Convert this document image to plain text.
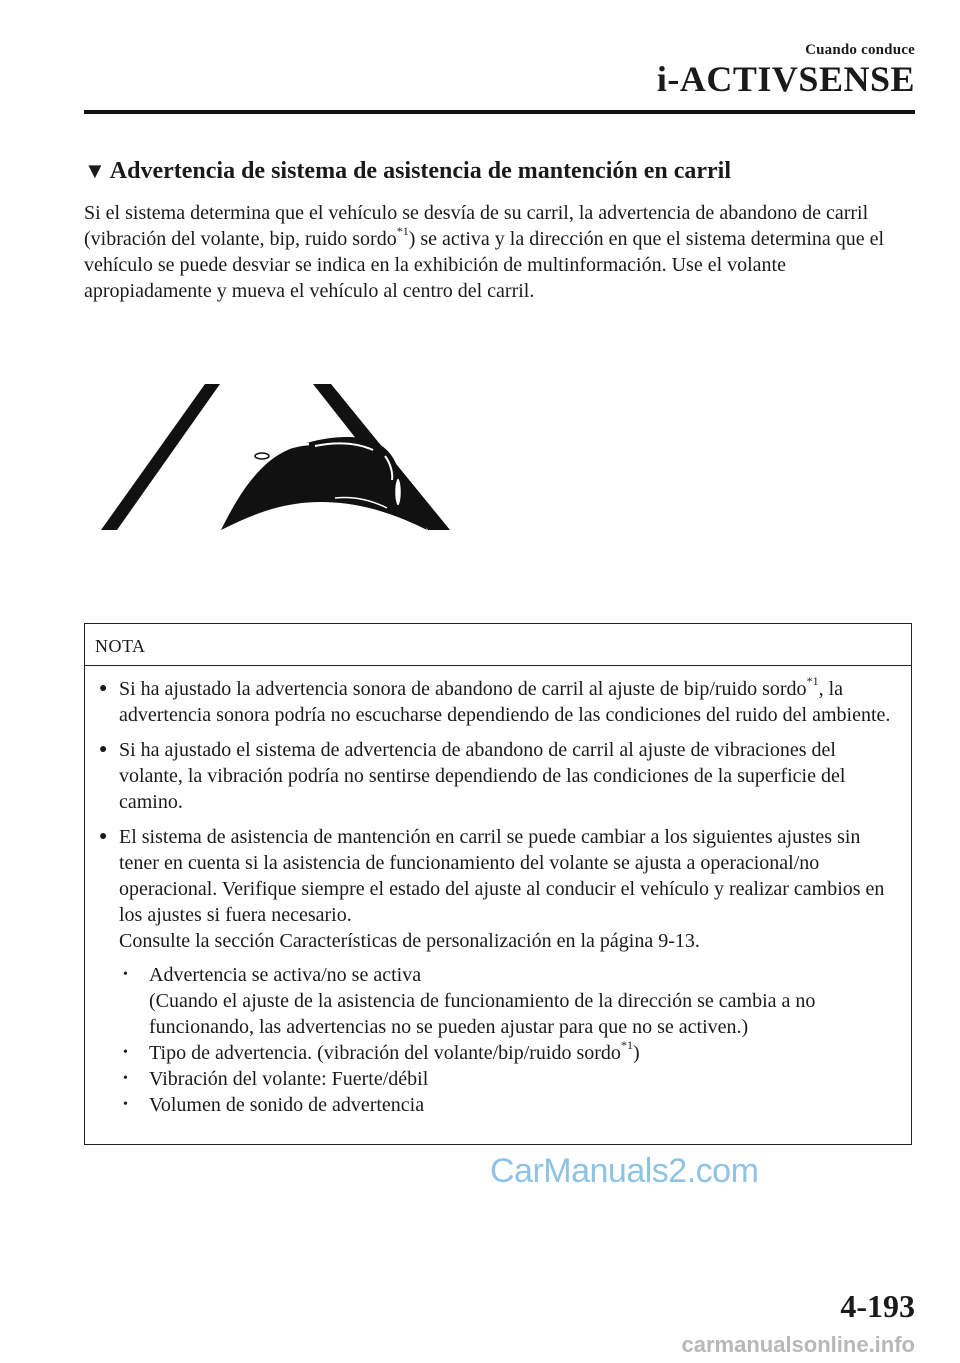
Cuando conduce
i-ACTIVSENSE
▼ Advertencia de sistema de asistencia de mantención en carril

Si el sistema determina que el vehículo se desvía de su carril, la advertencia de abandono de carril (vibración del volante, bip, ruido sordo$^{*1}$) se activa y la dirección en que el sistema determina que el vehículo se puede desviar se indica en la exhibición de multinformación. Use el volante apropiadamente y mueva el vehículo al centro del carril.

NOTA
● Si ha ajustado la advertencia sonora de abandono de carril al ajuste de bip/ruido sordo$^{*1}$, la advertencia sonora podría no escucharse dependiendo de las condiciones del ruido del ambiente.
● Si ha ajustado el sistema de advertencia de abandono de carril al ajuste de vibraciones del volante, la vibración podría no sentirse dependiendo de las condiciones de la superficie del camino.
● El sistema de asistencia de mantención en carril se puede cambiar a los siguientes ajustes sin tener en cuenta si la asistencia de funcionamiento del volante se ajusta a operacional/no operacional. Verifique siempre el estado del ajuste al conducir el vehículo y realizar cambios en los ajustes si fuera necesario.
Consulte la sección Características de personalización en la página 9-13.
• Advertencia se activa/no se activa
(Cuando el ajuste de la asistencia de funcionamiento de la dirección se cambia a no funcionando, las advertencias no se pueden ajustar para que no se activen.)
• Tipo de advertencia. (vibración del volante/bip/ruido sordo$^{*1}$)
• Vibración del volante: Fuerte/débil
• Volumen de sonido de advertencia
CarManuals2.com
4-193
carmanualsonline.info
